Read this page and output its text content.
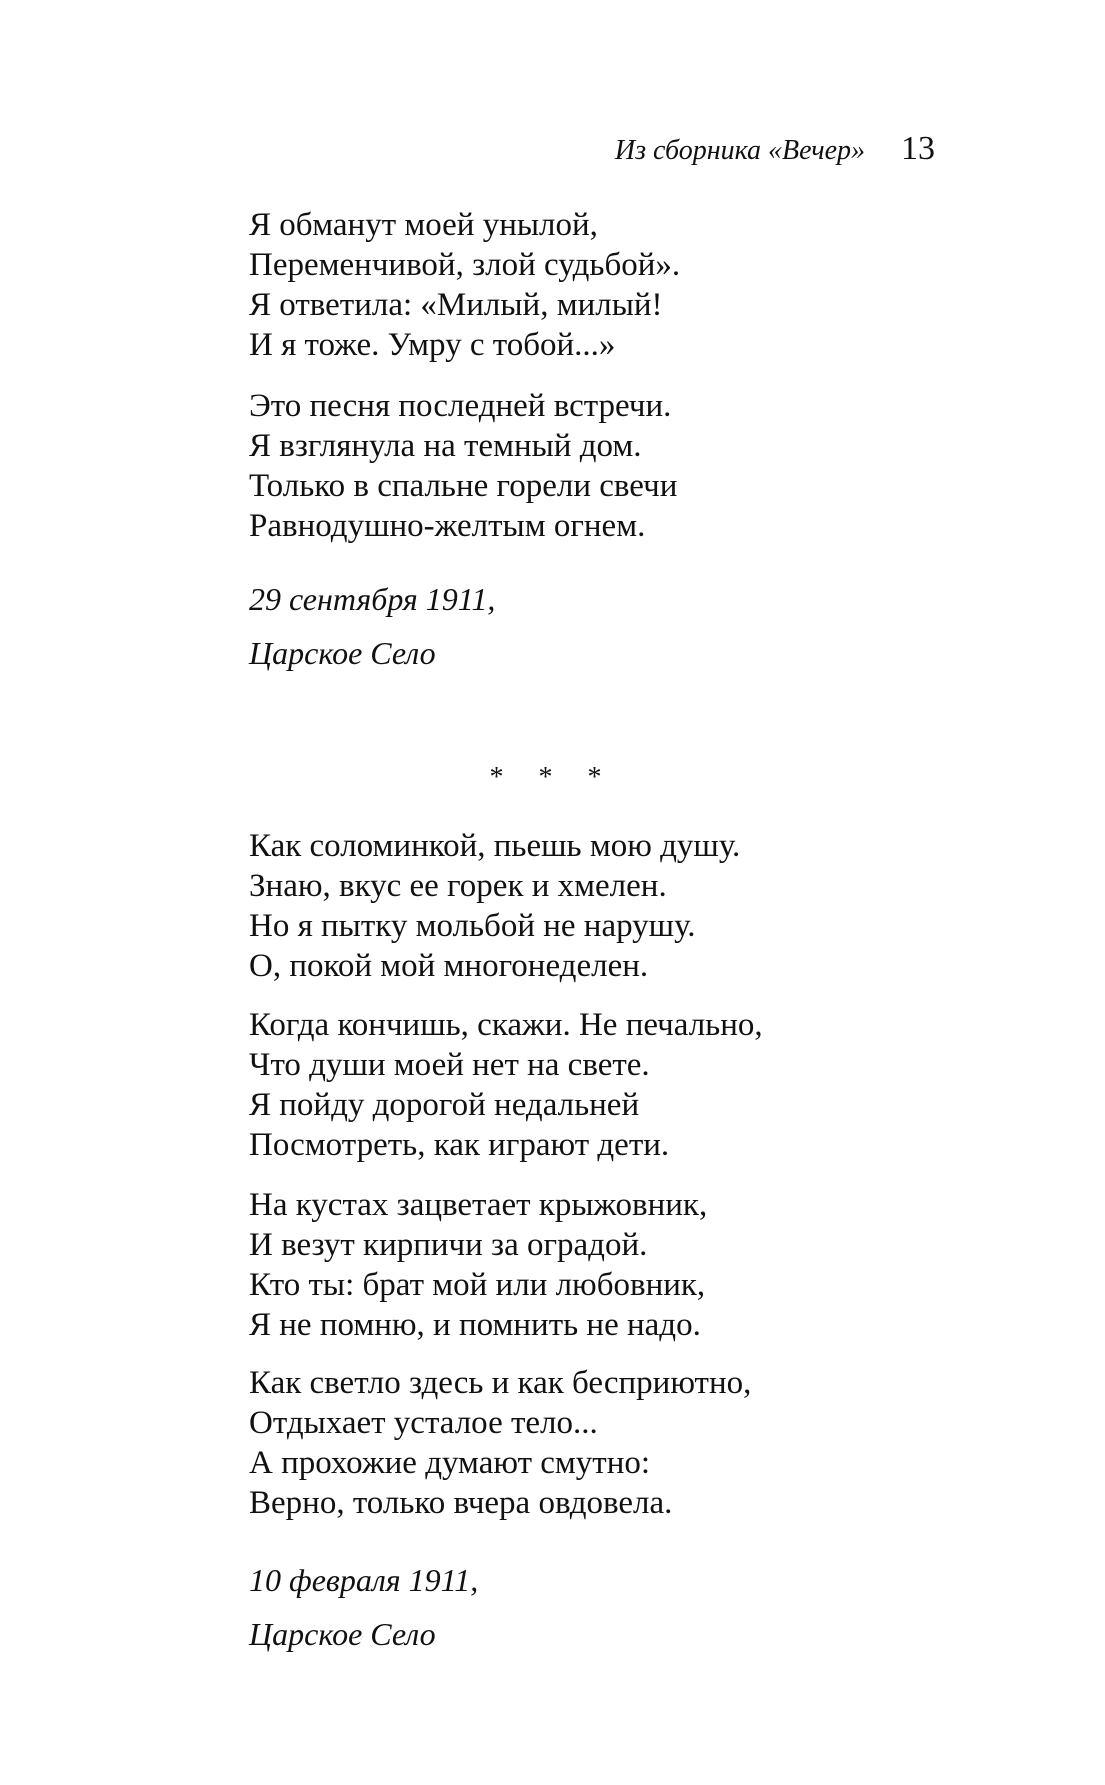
Из сборника «Вечер» 13
Я обманут моей унылой,
Переменчивой, злой судьбой».
Я ответила: «Милый, милый!
И я тоже. Умру с тобой...»
Это песня последней встречи.
Я взглянула на темный дом.
Только в спальне горели свечи
Равнодушно-желтым огнем.
29 сентября 1911,
Царское Село
* * *
Как соломинкой, пьешь мою душу.
Знаю, вкус ее горек и хмелен.
Но я пытку мольбой не нарушу.
О, покой мой многонеделен.
Когда кончишь, скажи. Не печально,
Что души моей нет на свете.
Я пойду дорогой недальней
Посмотреть, как играют дети.
На кустах зацветает крыжовник,
И везут кирпичи за оградой.
Кто ты: брат мой или любовник,
Я не помню, и помнить не надо.
Как светло здесь и как бесприютно,
Отдыхает усталое тело...
А прохожие думают смутно:
Верно, только вчера овдовела.
10 февраля 1911,
Царское Село
